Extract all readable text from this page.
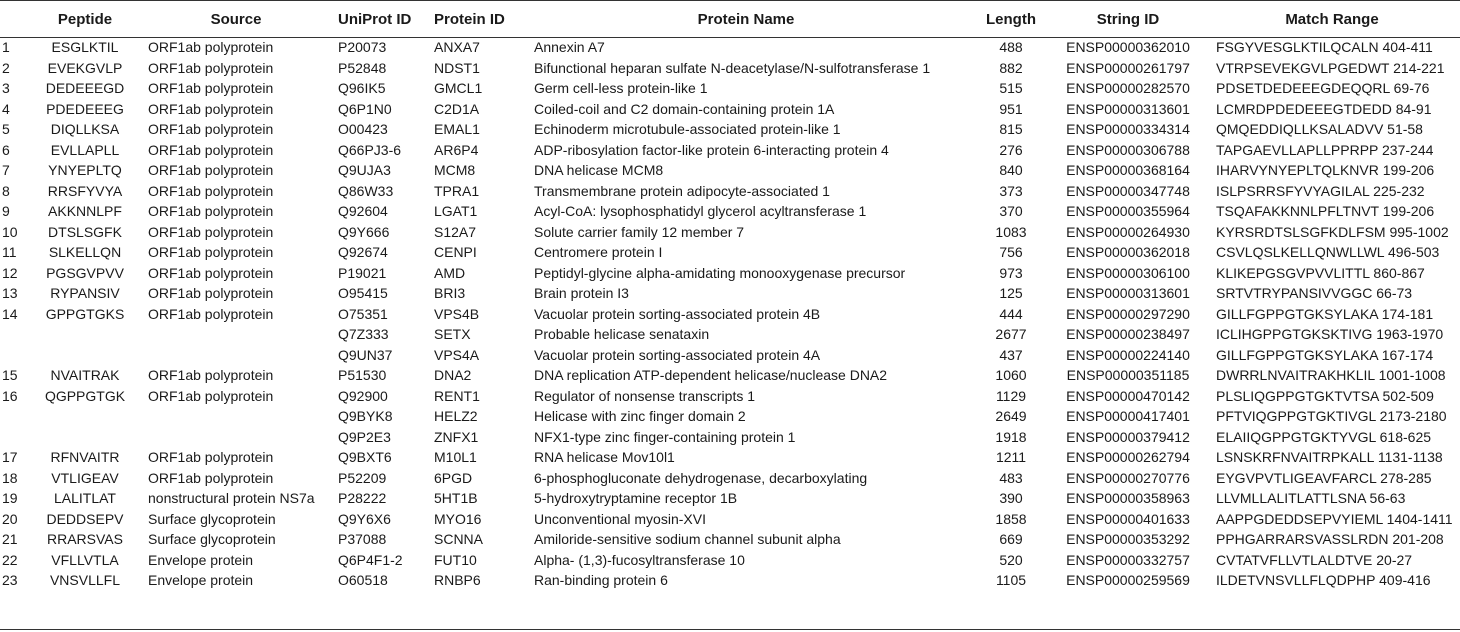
	Peptide	Source	UniProt ID	Protein ID	Protein Name	Length	String ID	Match Range
1	ESGLKTIL	ORF1ab polyprotein	P20073	ANXA7	Annexin A7	488	ENSP00000362010	FSGYVESGLKTILQCALN 404-411
2	EVEKGVLP	ORF1ab polyprotein	P52848	NDST1	Bifunctional heparan sulfate N-deacetylase/N-sulfotransferase 1	882	ENSP00000261797	VTRPSEVEKGVLPGEDWT 214-221
3	DEDEEEGD	ORF1ab polyprotein	Q96IK5	GMCL1	Germ cell-less protein-like 1	515	ENSP00000282570	PDSETDEDEEEGDEQQRL 69-76
4	PDEDEEEG	ORF1ab polyprotein	Q6P1N0	C2D1A	Coiled-coil and C2 domain-containing protein 1A	951	ENSP00000313601	LCMRDPDEDEEEGTDEDD 84-91
5	DIQLLKSA	ORF1ab polyprotein	O00423	EMAL1	Echinoderm microtubule-associated protein-like 1	815	ENSP00000334314	QMQEDDIQLLKSALADVV 51-58
6	EVLLAPLL	ORF1ab polyprotein	Q66PJ3-6	AR6P4	ADP-ribosylation factor-like protein 6-interacting protein 4	276	ENSP00000306788	TAPGAEVLLAPLLPPRPP 237-244
7	YNYEPLTQ	ORF1ab polyprotein	Q9UJA3	MCM8	DNA helicase MCM8	840	ENSP00000368164	IHARVYNYEPLTQLKNVR 199-206
8	RRSFYVYA	ORF1ab polyprotein	Q86W33	TPRA1	Transmembrane protein adipocyte-associated 1	373	ENSP00000347748	ISLPSRRSFYVYAGILAL 225-232
9	AKKNNLPF	ORF1ab polyprotein	Q92604	LGAT1	Acyl-CoA: lysophosphatidyl glycerol acyltransferase 1	370	ENSP00000355964	TSQAFAKKNNLPFLTNVT 199-206
10	DTSLSGFK	ORF1ab polyprotein	Q9Y666	S12A7	Solute carrier family 12 member 7	1083	ENSP00000264930	KYRSRDTSLSGFKDLFSM 995-1002
11	SLKELLQN	ORF1ab polyprotein	Q92674	CENPI	Centromere protein I	756	ENSP00000362018	CSVLQSLKELLQNWLLWL 496-503
12	PGSGVPVV	ORF1ab polyprotein	P19021	AMD	Peptidyl-glycine alpha-amidating monooxygenase precursor	973	ENSP00000306100	KLIKEPGSGVPVVLITTL 860-867
13	RYPANSIV	ORF1ab polyprotein	O95415	BRI3	Brain protein I3	125	ENSP00000313601	SRTVTRYPANSIVVGGC 66-73
14	GPPGTGKS	ORF1ab polyprotein	O75351	VPS4B	Vacuolar protein sorting-associated protein 4B	444	ENSP00000297290	GILLFGPPGTGKSYLAKA 174-181
			Q7Z333	SETX	Probable helicase senataxin	2677	ENSP00000238497	ICLIHGPPGTGKSKTIVG 1963-1970
			Q9UN37	VPS4A	Vacuolar protein sorting-associated protein 4A	437	ENSP00000224140	GILLFGPPGTGKSYLAKA 167-174
15	NVAITRAK	ORF1ab polyprotein	P51530	DNA2	DNA replication ATP-dependent helicase/nuclease DNA2	1060	ENSP00000351185	DWRRLNVAITRAKHKLIL 1001-1008
16	QGPPGTGK	ORF1ab polyprotein	Q92900	RENT1	Regulator of nonsense transcripts 1	1129	ENSP00000470142	PLSLIQGPPGTGKTVTSA 502-509
			Q9BYK8	HELZ2	Helicase with zinc finger domain 2	2649	ENSP00000417401	PFTVIQGPPGTGKTIVGL 2173-2180
			Q9P2E3	ZNFX1	NFX1-type zinc finger-containing protein 1	1918	ENSP00000379412	ELAIIQGPPGTGKTYVGL 618-625
17	RFNVAITR	ORF1ab polyprotein	Q9BXT6	M10L1	RNA helicase Mov10l1	1211	ENSP00000262794	LSNSKRFNVAITRPKALL 1131-1138
18	VTLIGEAV	ORF1ab polyprotein	P52209	6PGD	6-phosphogluconate dehydrogenase, decarboxylating	483	ENSP00000270776	EYGVPVTLIGEAVFARCL 278-285
19	LALITLAT	nonstructural protein NS7a	P28222	5HT1B	5-hydroxytryptamine receptor 1B	390	ENSP00000358963	LLVMLLALITLATTLSNA 56-63
20	DEDDSEPV	Surface glycoprotein	Q9Y6X6	MYO16	Unconventional myosin-XVI	1858	ENSP00000401633	AAPPGDEDDSEPVYIEML 1404-1411
21	RRARSVAS	Surface glycoprotein	P37088	SCNNA	Amiloride-sensitive sodium channel subunit alpha	669	ENSP00000353292	PPHGARRARSVASSLRDN 201-208
22	VFLLVTLA	Envelope protein	Q6P4F1-2	FUT10	Alpha- (1,3)-fucosyltransferase 10	520	ENSP00000332757	CVTATVFLLVTLALDTVE 20-27
23	VNSVLLFL	Envelope protein	O60518	RNBP6	Ran-binding protein 6	1105	ENSP00000259569	ILDETVNSVLLFLQDPHP 409-416
